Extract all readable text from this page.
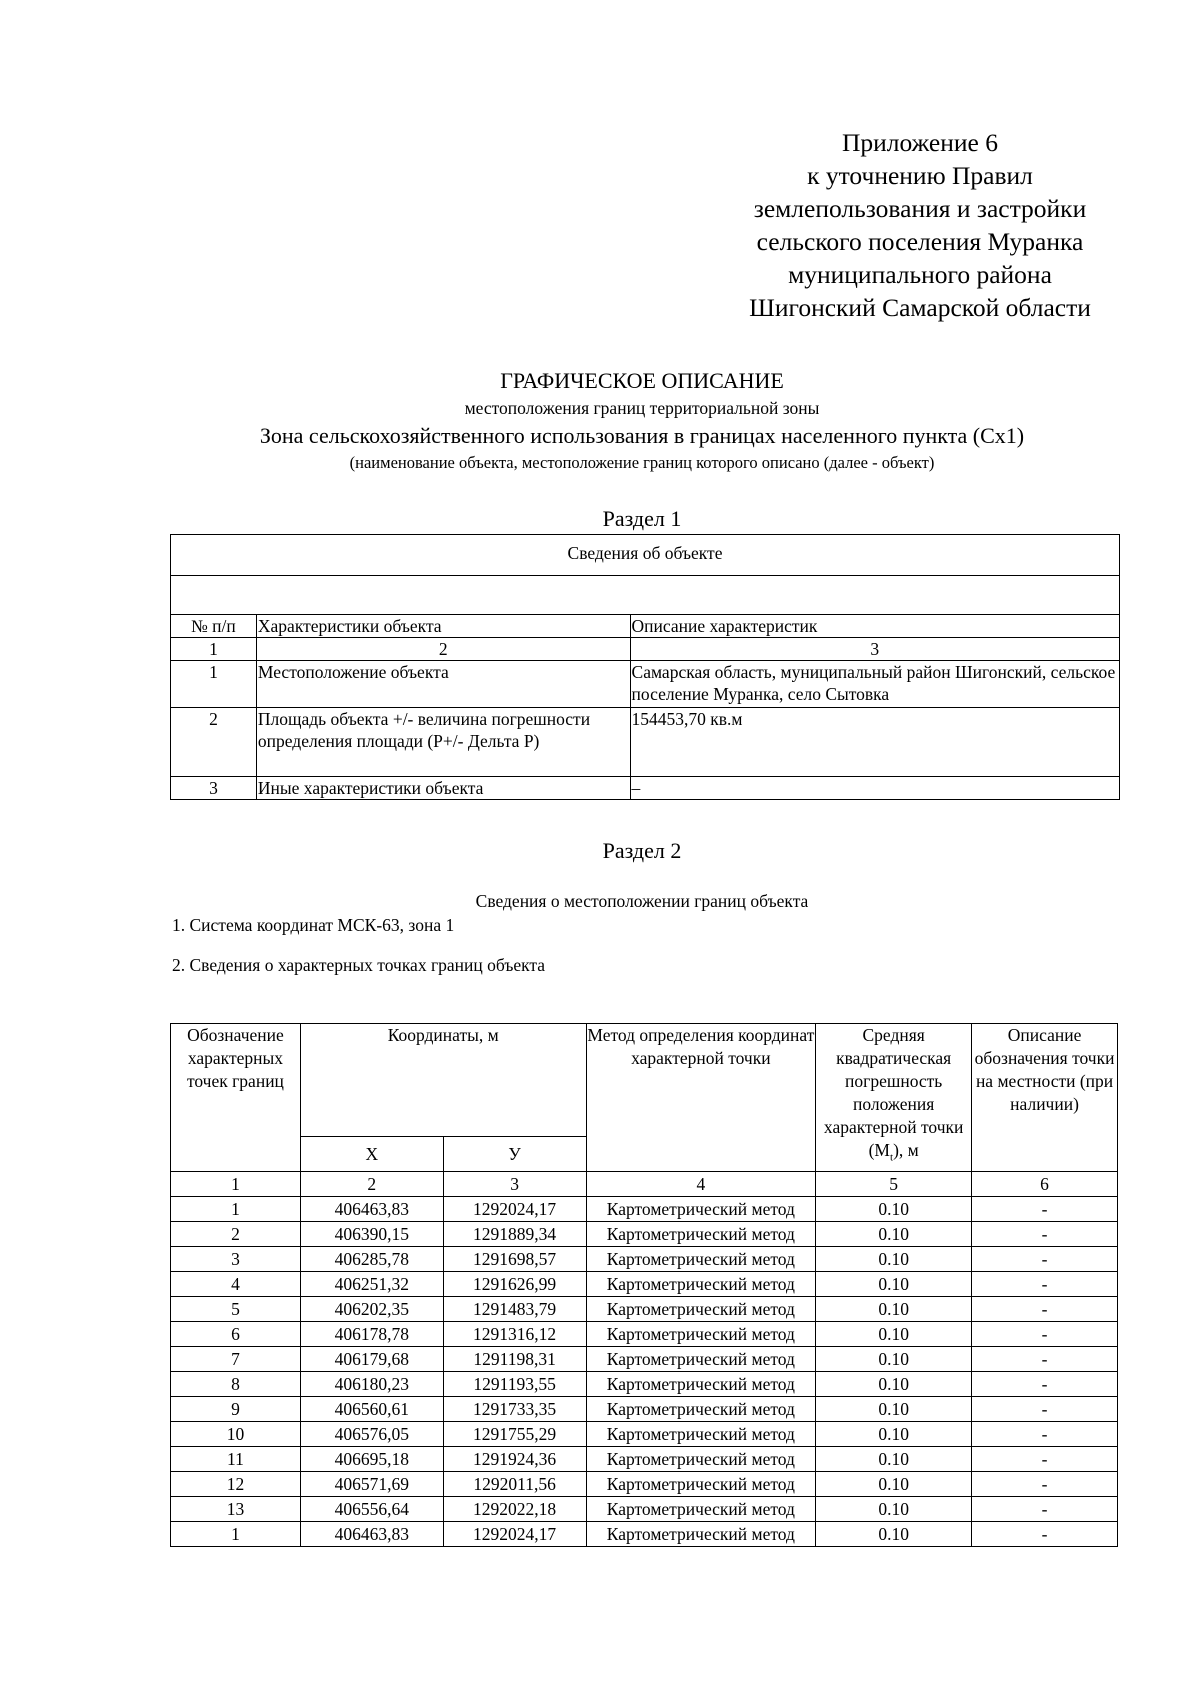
Приложение 6
к уточнению Правил
землепользования и застройки
сельского поселения Муранка
муниципального района
Шигонский Самарской области
ГРАФИЧЕСКОЕ ОПИСАНИЕ
местоположения границ территориальной зоны
Зона сельскохозяйственного использования в границах населенного пункта (Сх1)
(наименование объекта, местоположение границ которого описано (далее - объект)
Раздел 1
Сведения об объекте		

№ п/п	Характеристики объекта	Описание характеристик
1	2	3
1	Местоположение объекта	Самарская область, муниципальный район Шигонский, сельское поселение Муранка, село Сытовка
2	Площадь объекта +/- величина погрешности определения площади (Р+/- Дельта Р)	154453,70 кв.м
3	Иные характеристики объекта	–
Раздел 2
Сведения о местоположении границ объекта
1. Система координат МСК-63, зона 1
2. Сведения о характерных точках границ объекта
Обозначение характерных точек границ	Координаты, м		Метод определения координат характерной точки	Средняя квадратическая погрешность положения характерной точки $(M_t)$, м	Описание обозначения точки на местности (при наличии)
	X	У			
1	2	3	4	5	6
1	406463,83	1292024,17	Картометрический метод	0.10	-
2	406390,15	1291889,34	Картометрический метод	0.10	-
3	406285,78	1291698,57	Картометрический метод	0.10	-
4	406251,32	1291626,99	Картометрический метод	0.10	-
5	406202,35	1291483,79	Картометрический метод	0.10	-
6	406178,78	1291316,12	Картометрический метод	0.10	-
7	406179,68	1291198,31	Картометрический метод	0.10	-
8	406180,23	1291193,55	Картометрический метод	0.10	-
9	406560,61	1291733,35	Картометрический метод	0.10	-
10	406576,05	1291755,29	Картометрический метод	0.10	-
11	406695,18	1291924,36	Картометрический метод	0.10	-
12	406571,69	1292011,56	Картометрический метод	0.10	-
13	406556,64	1292022,18	Картометрический метод	0.10	-
1	406463,83	1292024,17	Картометрический метод	0.10	-
